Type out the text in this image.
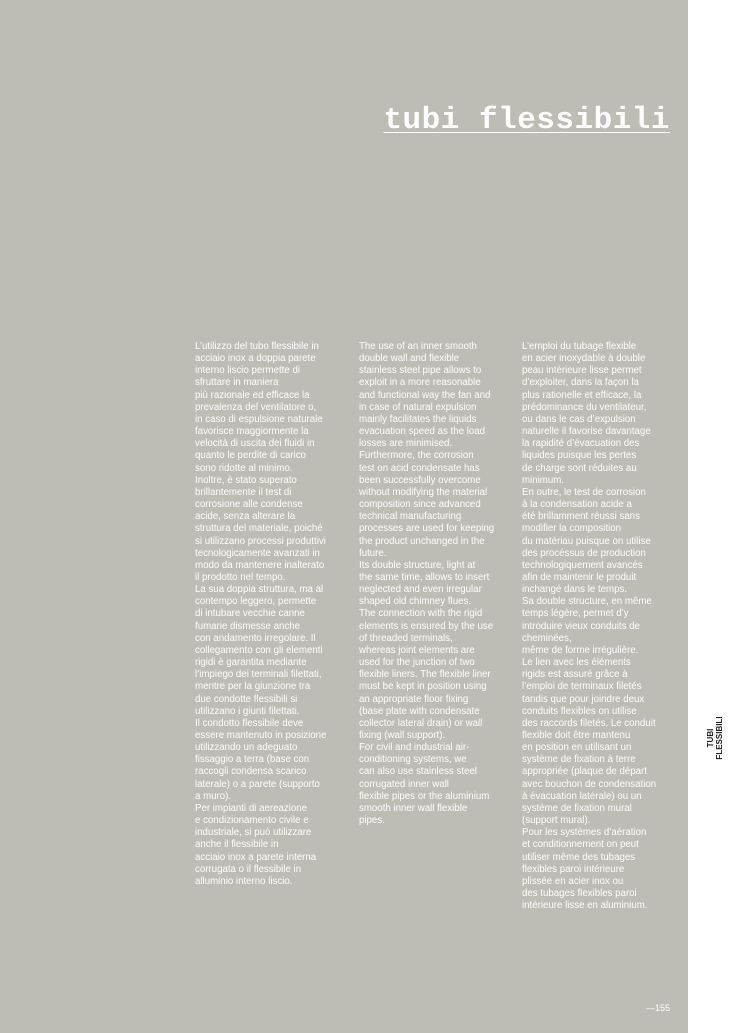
tubi flessibili

L’utilizzo del tubo flessibile in
acciaio inox a doppia parete
interno liscio permette di
sfruttare in maniera
più razionale ed efficace la
prevalenza del ventilatore o,
in caso di espulsione naturale
favorisce maggiormente la
velocità di uscita dei fluidi in
quanto le perdite di carico
sono ridotte al minimo.
Inoltre, è stato superato
brillantemente il test di
corrosione alle condense
acide, senza alterare la
struttura del materiale, poiché
si utilizzano processi produttivi
tecnologicamente avanzati in
modo da mantenere inalterato
il prodotto nel tempo.
La sua doppia struttura, ma al
contempo leggero, permette
di intubare vecchie canne
fumarie dismesse anche
con andamento irregolare. Il
collegamento con gli elementi
rigidi è garantita mediante
l’impiego dei terminali filettati,
mentre per la giunzione tra
due condotte flessibili si
utilizzano i giunti filettati.
Il condotto flessibile deve
essere mantenuto in posizione
utilizzando un adeguato
fissaggio a terra (base con
raccogli condensa scarico
laterale) o a parete (supporto
a muro).
Per impianti di aereazione
e condizionamento civile e
industriale, si può utilizzare
anche il flessibile in
acciaio inox a parete interna
corrugata o il flessibile in
alluminio interno liscio.

The use of an inner smooth
double wall and flexible
stainless steel pipe allows to
exploit in a more reasonable
and functional way the fan and
in case of natural expulsion
mainly facilitates the liquids
evacuation speed as the load
losses are minimised.
Furthermore, the corrosion
test on acid condensate has
been successfully overcome
without modifying the material
composition since advanced
technical manufacturing
processes are used for keeping
the product unchanged in the
future.
Its double structure, light at
the same time, allows to insert
neglected and even irregular
shaped old chimney flues.
The connection with the rigid
elements is ensured by the use
of threaded terminals,
whereas joint elements are
used for the junction of two
flexible liners. The flexible liner
must be kept in position using
an appropriate floor fixing
(base plate with condensate
collector lateral drain) or wall
fixing (wall support).
For civil and industrial air-
conditioning systems, we
can also use stainless steel
corrugated inner wall
flexible pipes or the aluminium
smooth inner wall flexible
pipes.

L’emploi du tubage flexible
en acier inoxydable à double
peau intérieure lisse permet
d’exploiter, dans la façon la
plus rationelle et efficace, la
prédominance du ventilateur,
ou dans le cas d’expulsion
naturelle il favorise davantage
la rapidité d’évacuation des
liquides puisque les pertes
de charge sont réduites au
minimum.
En outre, le test de corrosion
à la condensation acide a
été brillamment réussi sans
modifier la composition
du matériau puisque on utilise
des procéssus de production
technologiquement avancés
afin de maintenir le produit
inchangé dans le temps.
Sa double structure, en même
temps légère, permet d’y
introduire vieux conduits de
cheminées,
même de forme irrégulière.
Le lien avec les éléments
rigids est assuré grâce à
l’emploi de terminaux filetés
tandis que pour joindre deux
conduits flexibles on utilise
des raccords filetés. Le conduit
flexible doit être mantenu
en position en utilisant un
système de fixation à terre
appropriée (plaque de départ
avec bouchon de condensation
à évacuation latérale) ou un
système de fixation mural
(support mural).
Pour les systèmes d’aération
et conditionnement on peut
utiliser même des tubages
flexibles paroi intérieure
plissée en acier inox ou
des tubages flexibles paroi
intérieure lisse en aluminium.

TUBI
FLESSIBILI
—155
